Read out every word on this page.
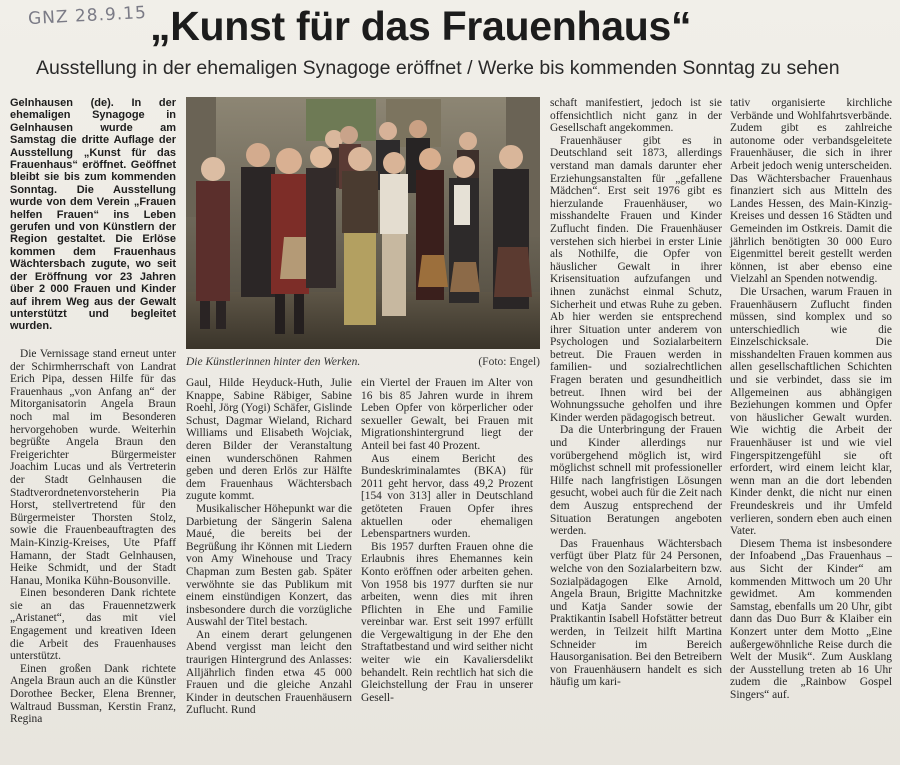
GNZ 28.9.15 „Kunst für das Frauenhaus“
Ausstellung in der ehemaligen Synagoge eröffnet / Werke bis kommenden Sonntag zu sehen
Gelnhausen (de). In der ehemaligen Synagoge in Gelnhausen wurde am Samstag die dritte Auflage der Ausstellung „Kunst für das Frauenhaus“ eröffnet. Geöffnet bleibt sie bis zum kommenden Sonntag. Die Ausstellung wurde von dem Verein „Frauen helfen Frauen“ ins Leben gerufen und von Künstlern der Region gestaltet. Die Erlöse kommen dem Frauenhaus Wächtersbach zugute, wo seit der Eröffnung vor 23 Jahren über 2 000 Frauen und Kinder auf ihrem Weg aus der Gewalt unterstützt und begleitet wurden.
Die Künstlerinnen hinter den Werken.	(Foto: Engel)

Die Vernissage stand erneut unter der Schirmherrschaft von Landrat Erich Pipa, dessen Hilfe für das Frauenhaus „von Anfang an“ der Mitorganisatorin Angela Braun noch mal im Besonderen hervorgehoben wurde. Weiterhin begrüßte Angela Braun den Freigerichter Bürgermeister Joachim Lucas und als Vertreterin der Stadt Gelnhausen die Stadtverordnetenvorsteherin Pia Horst, stellvertretend für den Bürgermeister Thorsten Stolz, sowie die Frauenbeauftragten des Main-Kinzig-Kreises, Ute Pfaff Hamann, der Stadt Gelnhausen, Heike Schmidt, und der Stadt Hanau, Monika Kühn-Bousonville.

Einen besonderen Dank richtete sie an das Frauennetzwerk „Aristanet“, das mit viel Engagement und kreativen Ideen die Arbeit des Frauenhauses unterstützt.

Einen großen Dank richtete Angela Braun auch an die Künstler Dorothee Becker, Elena Brenner, Waltraud Bussman, Kerstin Franz, Regina

Gaul, Hilde Heyduck-Huth, Julie Knappe, Sabine Räbiger, Sabine Roehl, Jörg (Yogi) Schäfer, Gislinde Schust, Dagmar Wieland, Richard Williams und Elisabeth Wojciak, deren Bilder der Veranstaltung einen wunderschönen Rahmen geben und deren Erlös zur Hälfte dem Frauenhaus Wächtersbach zugute kommt.

Musikalischer Höhepunkt war die Darbietung der Sängerin Salena Maué, die bereits bei der Begrüßung ihr Können mit Liedern von Amy Winehouse und Tracy Chapman zum Besten gab. Später verwöhnte sie das Publikum mit einem einstündigen Konzert, das insbesondere durch die vorzügliche Auswahl der Titel bestach.

An einem derart gelungenen Abend vergisst man leicht den traurigen Hintergrund des Anlasses: Alljährlich finden etwa 45 000 Frauen und die gleiche Anzahl Kinder in deutschen Frauenhäusern Zuflucht. Rund

ein Viertel der Frauen im Alter von 16 bis 85 Jahren wurde in ihrem Leben Opfer von körperlicher oder sexueller Gewalt, bei Frauen mit Migrationshintergrund liegt der Anteil bei fast 40 Prozent.

Aus einem Bericht des Bundeskriminalamtes (BKA) für 2011 geht hervor, dass 49,2 Prozent [154 von 313] aller in Deutschland getöteten Frauen Opfer ihres aktuellen oder ehemaligen Lebenspartners wurden.

Bis 1957 durften Frauen ohne die Erlaubnis ihres Ehemannes kein Konto eröffnen oder arbeiten gehen. Von 1958 bis 1977 durften sie nur arbeiten, wenn dies mit ihren Pflichten in Ehe und Familie vereinbar war. Erst seit 1997 erfüllt die Vergewaltigung in der Ehe den Straftatbestand und wird seither nicht weiter wie ein Kavaliersdelikt behandelt. Rein rechtlich hat sich die Gleichstellung der Frau in unserer Gesell-

schaft manifestiert, jedoch ist sie offensichtlich nicht ganz in der Gesellschaft angekommen.

Frauenhäuser gibt es in Deutschland seit 1873, allerdings verstand man damals darunter eher Erziehungsanstalten für „gefallene Mädchen“. Erst seit 1976 gibt es hierzulande Frauenhäuser, wo misshandelte Frauen und Kinder Zuflucht finden. Die Frauenhäuser verstehen sich hierbei in erster Linie als Nothilfe, die Opfer von häuslicher Gewalt in ihrer Krisensituation aufzufangen und ihnen zunächst einmal Schutz, Sicherheit und etwas Ruhe zu geben. Ab hier werden sie entsprechend ihrer Situation unter anderem von Psychologen und Sozialarbeitern betreut. Die Frauen werden in familien- und sozialrechtlichen Fragen beraten und gesundheitlich betreut. Ihnen wird bei der Wohnungssuche geholfen und ihre Kinder werden pädagogisch betreut.

Da die Unterbringung der Frauen und Kinder allerdings nur vorübergehend möglich ist, wird möglichst schnell mit professioneller Hilfe nach langfristigen Lösungen gesucht, wobei auch für die Zeit nach dem Auszug entsprechend der Situation Beratungen angeboten werden.

Das Frauenhaus Wächtersbach verfügt über Platz für 24 Personen, welche von den Sozialarbeitern bzw. Sozialpädagogen Elke Arnold, Angela Braun, Brigitte Machnitzke und Katja Sander sowie der Praktikantin Isabell Hofstätter betreut werden, in Teilzeit hilft Martina Schneider im Bereich Hausorganisation. Bei den Betreibern von Frauenhäusern handelt es sich häufig um kari-

tativ organisierte kirchliche Verbände und Wohlfahrtsverbände. Zudem gibt es zahlreiche autonome oder verbandsgeleitete Frauenhäuser, die sich in ihrer Arbeit jedoch wenig unterscheiden. Das Wächtersbacher Frauenhaus finanziert sich aus Mitteln des Landes Hessen, des Main-Kinzig-Kreises und dessen 16 Städten und Gemeinden im Ostkreis. Damit die jährlich benötigten 30 000 Euro Eigenmittel bereit gestellt werden können, ist aber ebenso eine Vielzahl an Spenden notwendig.

Die Ursachen, warum Frauen in Frauenhäusern Zuflucht finden müssen, sind komplex und so unterschiedlich wie die Einzelschicksale. Die misshandelten Frauen kommen aus allen gesellschaftlichen Schichten und sie verbindet, dass sie im Allgemeinen aus abhängigen Beziehungen kommen und Opfer von häuslicher Gewalt wurden. Wie wichtig die Arbeit der Frauenhäuser ist und wie viel Fingerspitzengefühl sie oft erfordert, wird einem leicht klar, wenn man an die dort lebenden Kinder denkt, die nicht nur einen Freundeskreis und ihr Umfeld verlieren, sondern eben auch einen Vater.

Diesem Thema ist insbesondere der Infoabend „Das Frauenhaus – aus Sicht der Kinder“ am kommenden Mittwoch um 20 Uhr gewidmet. Am kommenden Samstag, ebenfalls um 20 Uhr, gibt dann das Duo Burr & Klaiber ein Konzert unter dem Motto „Eine außergewöhnliche Reise durch die Welt der Musik“. Zum Ausklang der Ausstellung treten ab 16 Uhr zudem die „Rainbow Gospel Singers“ auf.
